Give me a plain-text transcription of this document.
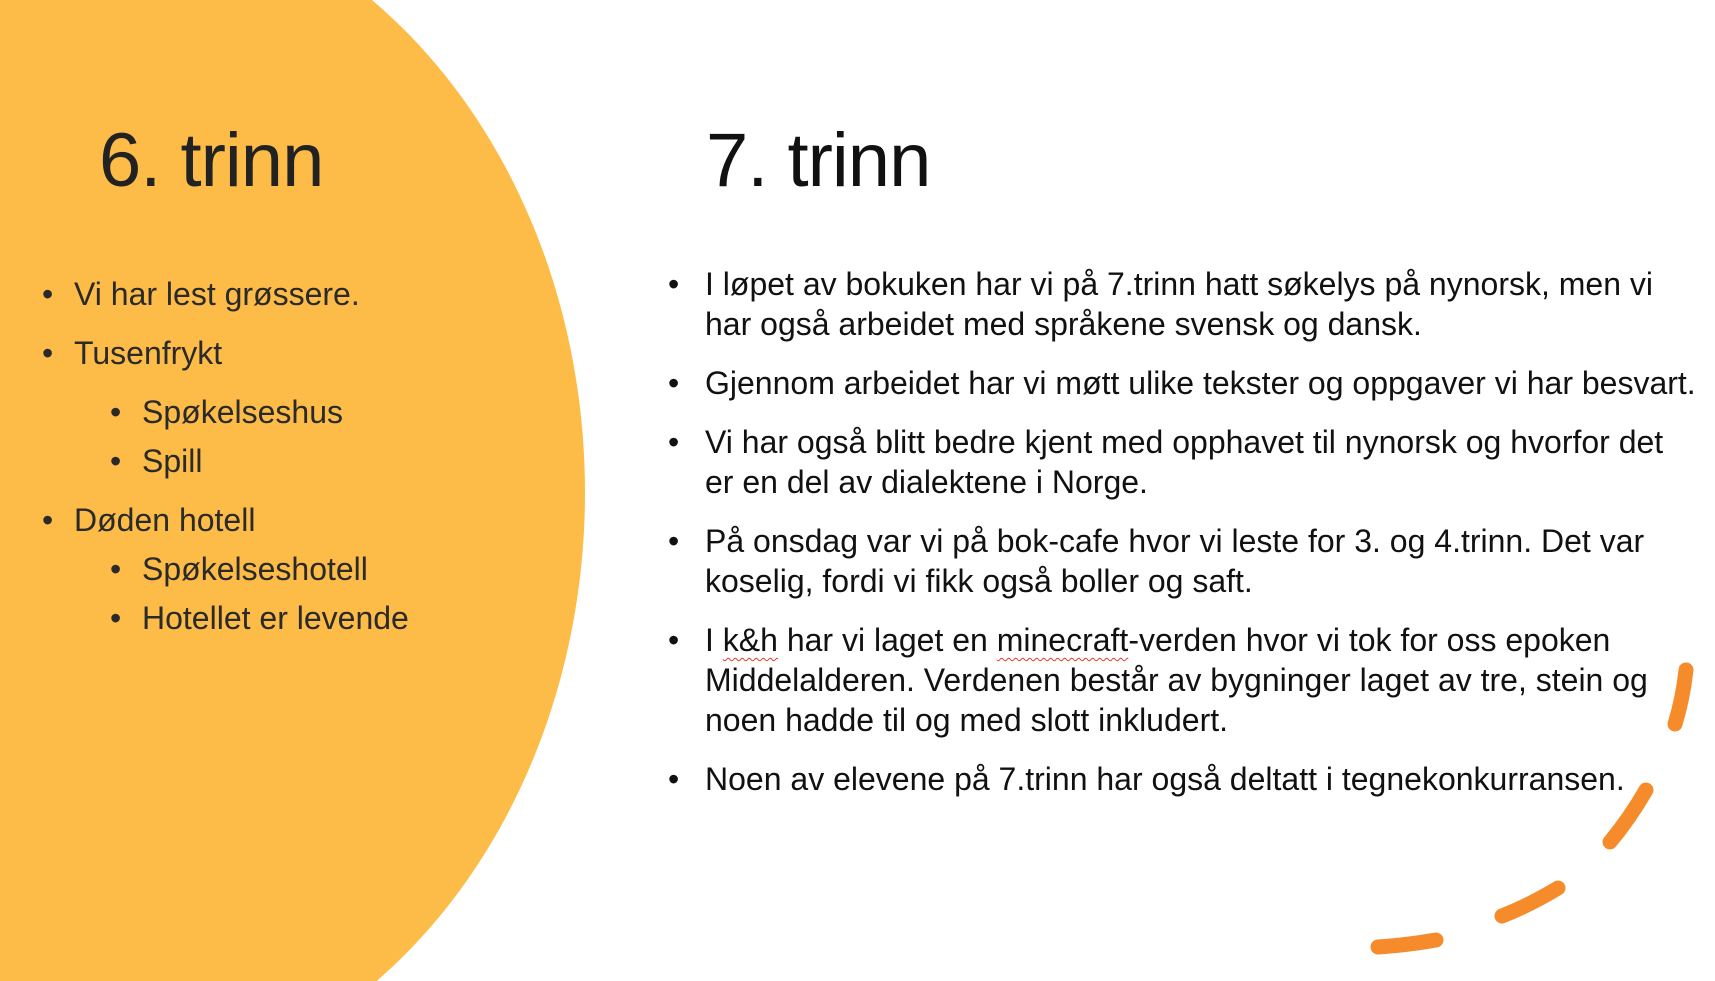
6. trinn	7. trinn
• Vi har lest grøssere.
• Tusenfrykt
• Spøkelseshus
• Spill
• Døden hotell
• Spøkelseshotell
• Hotellet er levende
• I løpet av bokuken har vi på 7.trinn hatt søkelys på nynorsk, men vi har også arbeidet med språkene svensk og dansk.
• Gjennom arbeidet har vi møtt ulike tekster og oppgaver vi har besvart.
• Vi har også blitt bedre kjent med opphavet til nynorsk og hvorfor det er en del av dialektene i Norge.
• På onsdag var vi på bok-cafe hvor vi leste for 3. og 4.trinn. Det var koselig, fordi vi fikk også boller og saft.
• I k&h har vi laget en minecraft-verden hvor vi tok for oss epoken Middelalderen. Verdenen består av bygninger laget av tre, stein og noen hadde til og med slott inkludert.
• Noen av elevene på 7.trinn har også deltatt i tegnekonkurransen.
